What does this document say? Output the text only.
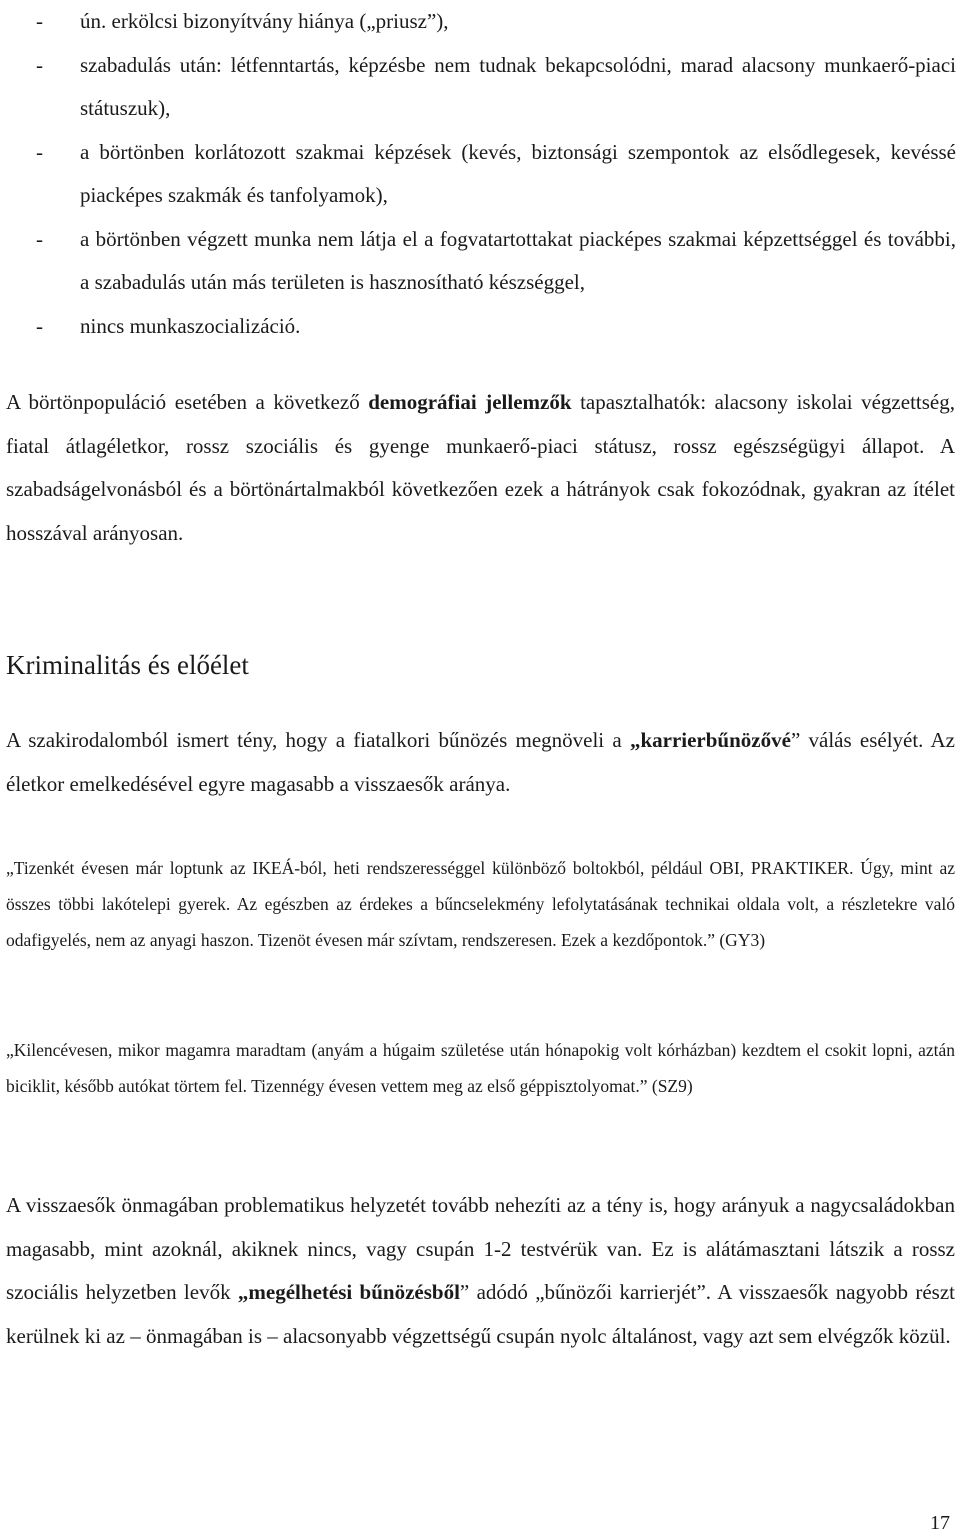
- ún. erkölcsi bizonyítvány hiánya („priusz”),
- szabadulás után: létfenntartás, képzésbe nem tudnak bekapcsolódni, marad alacsony munkaerő-piaci státuszuk),
- a börtönben korlátozott szakmai képzések (kevés, biztonsági szempontok az elsődlegesek, kevéssé piacképes szakmák és tanfolyamok),
- a börtönben végzett munka nem látja el a fogvatartottakat piacképes szakmai képzettséggel és további, a szabadulás után más területen is hasznosítható készséggel,
- nincs munkaszocializáció.

A börtönpopuláció esetében a következő demográfiai jellemzők tapasztalhatók: alacsony iskolai végzettség, fiatal átlagéletkor, rossz szociális és gyenge munkaerő-piaci státusz, rossz egészségügyi állapot. A szabadságelvonásból és a börtönártalmakból következően ezek a hátrányok csak fokozódnak, gyakran az ítélet hosszával arányosan.

Kriminalitás és előélet

A szakirodalomból ismert tény, hogy a fiatalkori bűnözés megnöveli a „karrierbűnözővé” válás esélyét. Az életkor emelkedésével egyre magasabb a visszaesők aránya.

„Tizenkét évesen már loptunk az IKEÁ-ból, heti rendszerességgel különböző boltokból, például OBI, PRAKTIKER. Úgy, mint az összes többi lakótelepi gyerek. Az egészben az érdekes a bűncselekmény lefolytatásának technikai oldala volt, a részletekre való odafigyelés, nem az anyagi haszon. Tizenöt évesen már szívtam, rendszeresen. Ezek a kezdőpontok.” (GY3)

„Kilencévesen, mikor magamra maradtam (anyám a húgaim születése után hónapokig volt kórházban) kezdtem el csokit lopni, aztán biciklit, később autókat törtem fel. Tizennégy évesen vettem meg az első géppisztolyomat.” (SZ9)

A visszaesők önmagában problematikus helyzetét tovább nehezíti az a tény is, hogy arányuk a nagycsaládokban magasabb, mint azoknál, akiknek nincs, vagy csupán 1-2 testvérük van. Ez is alátámasztani látszik a rossz szociális helyzetben levők „megélhetési bűnözésből” adódó „bűnözői karrierjét”. A visszaesők nagyobb részt kerülnek ki az – önmagában is – alacsonyabb végzettségű csupán nyolc általánost, vagy azt sem elvégzők közül.

17
